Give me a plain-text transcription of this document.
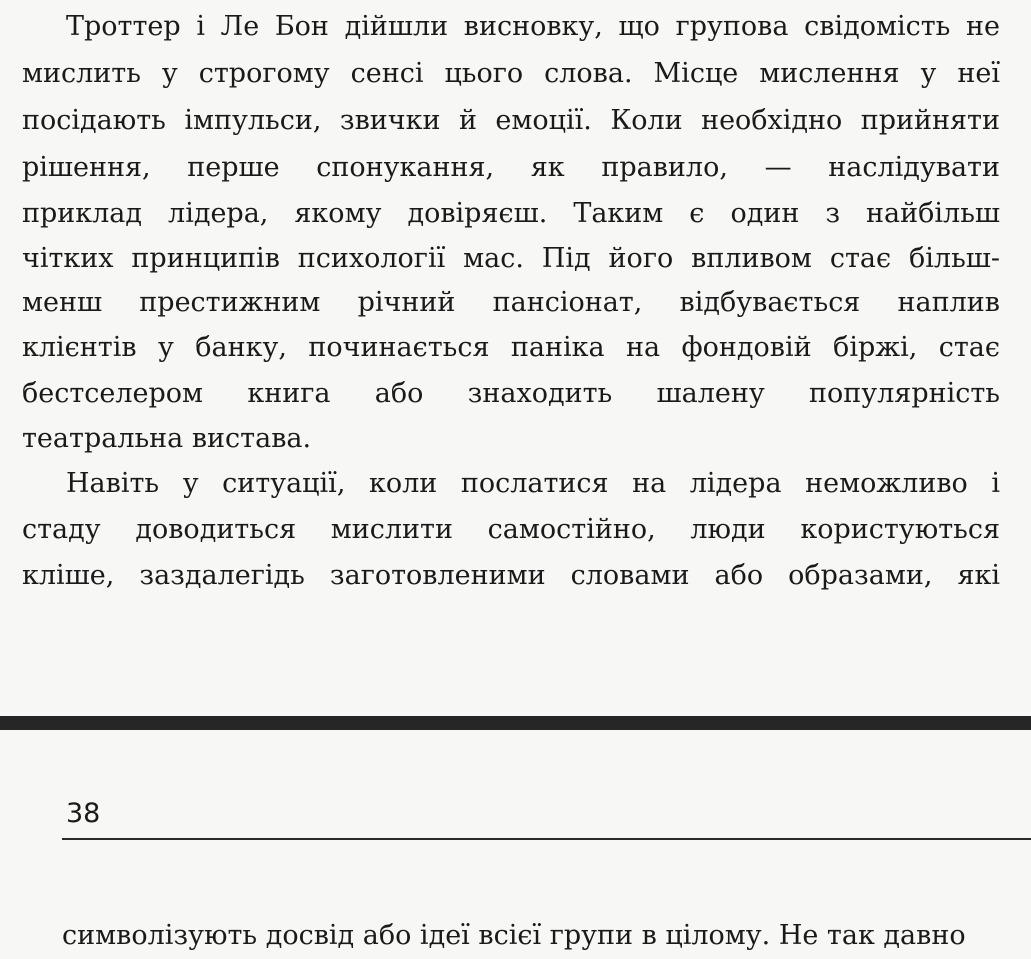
Троттер і Ле Бон дійшли висновку, що групова свідомість не
мислить у строгому сенсі цього слова. Місце мислення у неї
посідають імпульси, звички й емоції. Коли необхідно прийняти
рішення, перше спонукання, як правило, — наслідувати
приклад лідера, якому довіряєш. Таким є один з найбільш
чітких принципів психології мас. Під його впливом стає більш-
менш престижним річний пансіонат, відбувається наплив
клієнтів у банку, починається паніка на фондовій біржі, стає
бестселером книга або знаходить шалену популярність
театральна вистава.
Навіть у ситуації, коли послатися на лідера неможливо і
стаду доводиться мислити самостійно, люди користуються
кліше, заздалегідь заготовленими словами або образами, які
38
символізують досвід або ідеї всієї групи в цілому. Не так давно
